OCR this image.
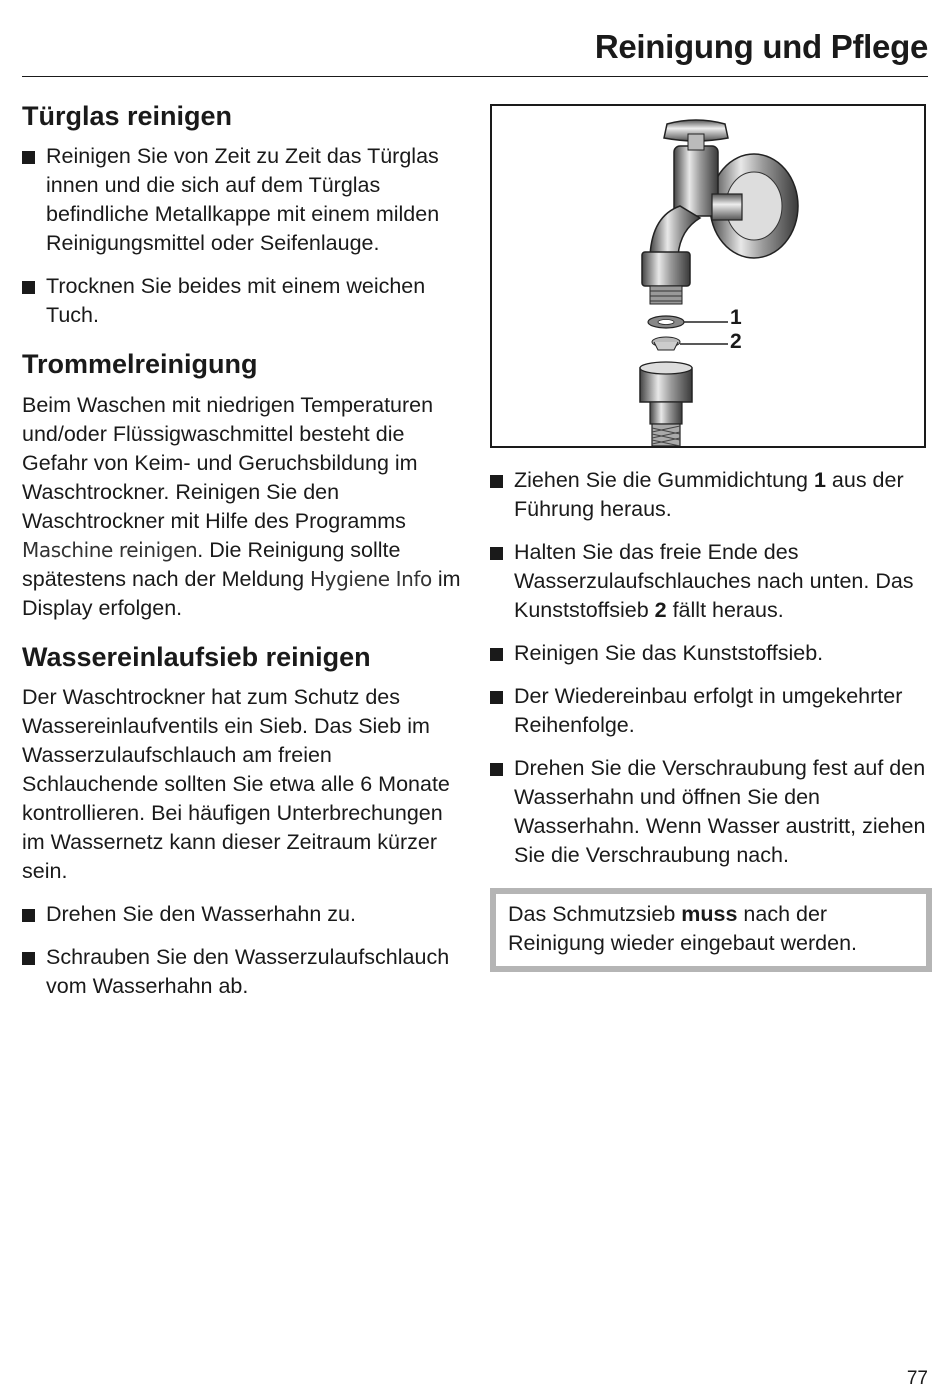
Reinigung und Pflege
Türglas reinigen
Reinigen Sie von Zeit zu Zeit das Türglas innen und die sich auf dem Türglas befindliche Metallkappe mit einem milden Reinigungsmittel oder Seifenlauge.
Trocknen Sie beides mit einem weichen Tuch.
Trommelreinigung

Beim Waschen mit niedrigen Temperaturen und/oder Flüssigwaschmittel besteht die Gefahr von Keim- und Geruchsbildung im Waschtrockner. Reinigen Sie den Waschtrockner mit Hilfe des Programms Maschine reinigen. Die Reinigung sollte spätestens nach der Meldung Hygiene Info im Display erfolgen.

Wassereinlaufsieb reinigen

Der Waschtrockner hat zum Schutz des Wassereinlaufventils ein Sieb. Das Sieb im Wasserzulaufschlauch am freien Schlauchende sollten Sie etwa alle 6 Monate kontrollieren. Bei häufigen Unterbrechungen im Wassernetz kann dieser Zeitraum kürzer sein.

Drehen Sie den Wasserhahn zu.
Schrauben Sie den Wasserzulaufschlauch vom Wasserhahn ab.
1
2
Ziehen Sie die Gummidichtung 1 aus der Führung heraus.
Halten Sie das freie Ende des Wasserzulaufschlauches nach unten. Das Kunststoffsieb 2 fällt heraus.
Reinigen Sie das Kunststoffsieb.
Der Wiedereinbau erfolgt in umgekehrter Reihenfolge.
Drehen Sie die Verschraubung fest auf den Wasserhahn und öffnen Sie den Wasserhahn. Wenn Wasser austritt, ziehen Sie die Verschraubung nach.
Das Schmutzsieb muss nach der Reinigung wieder eingebaut werden.
77
